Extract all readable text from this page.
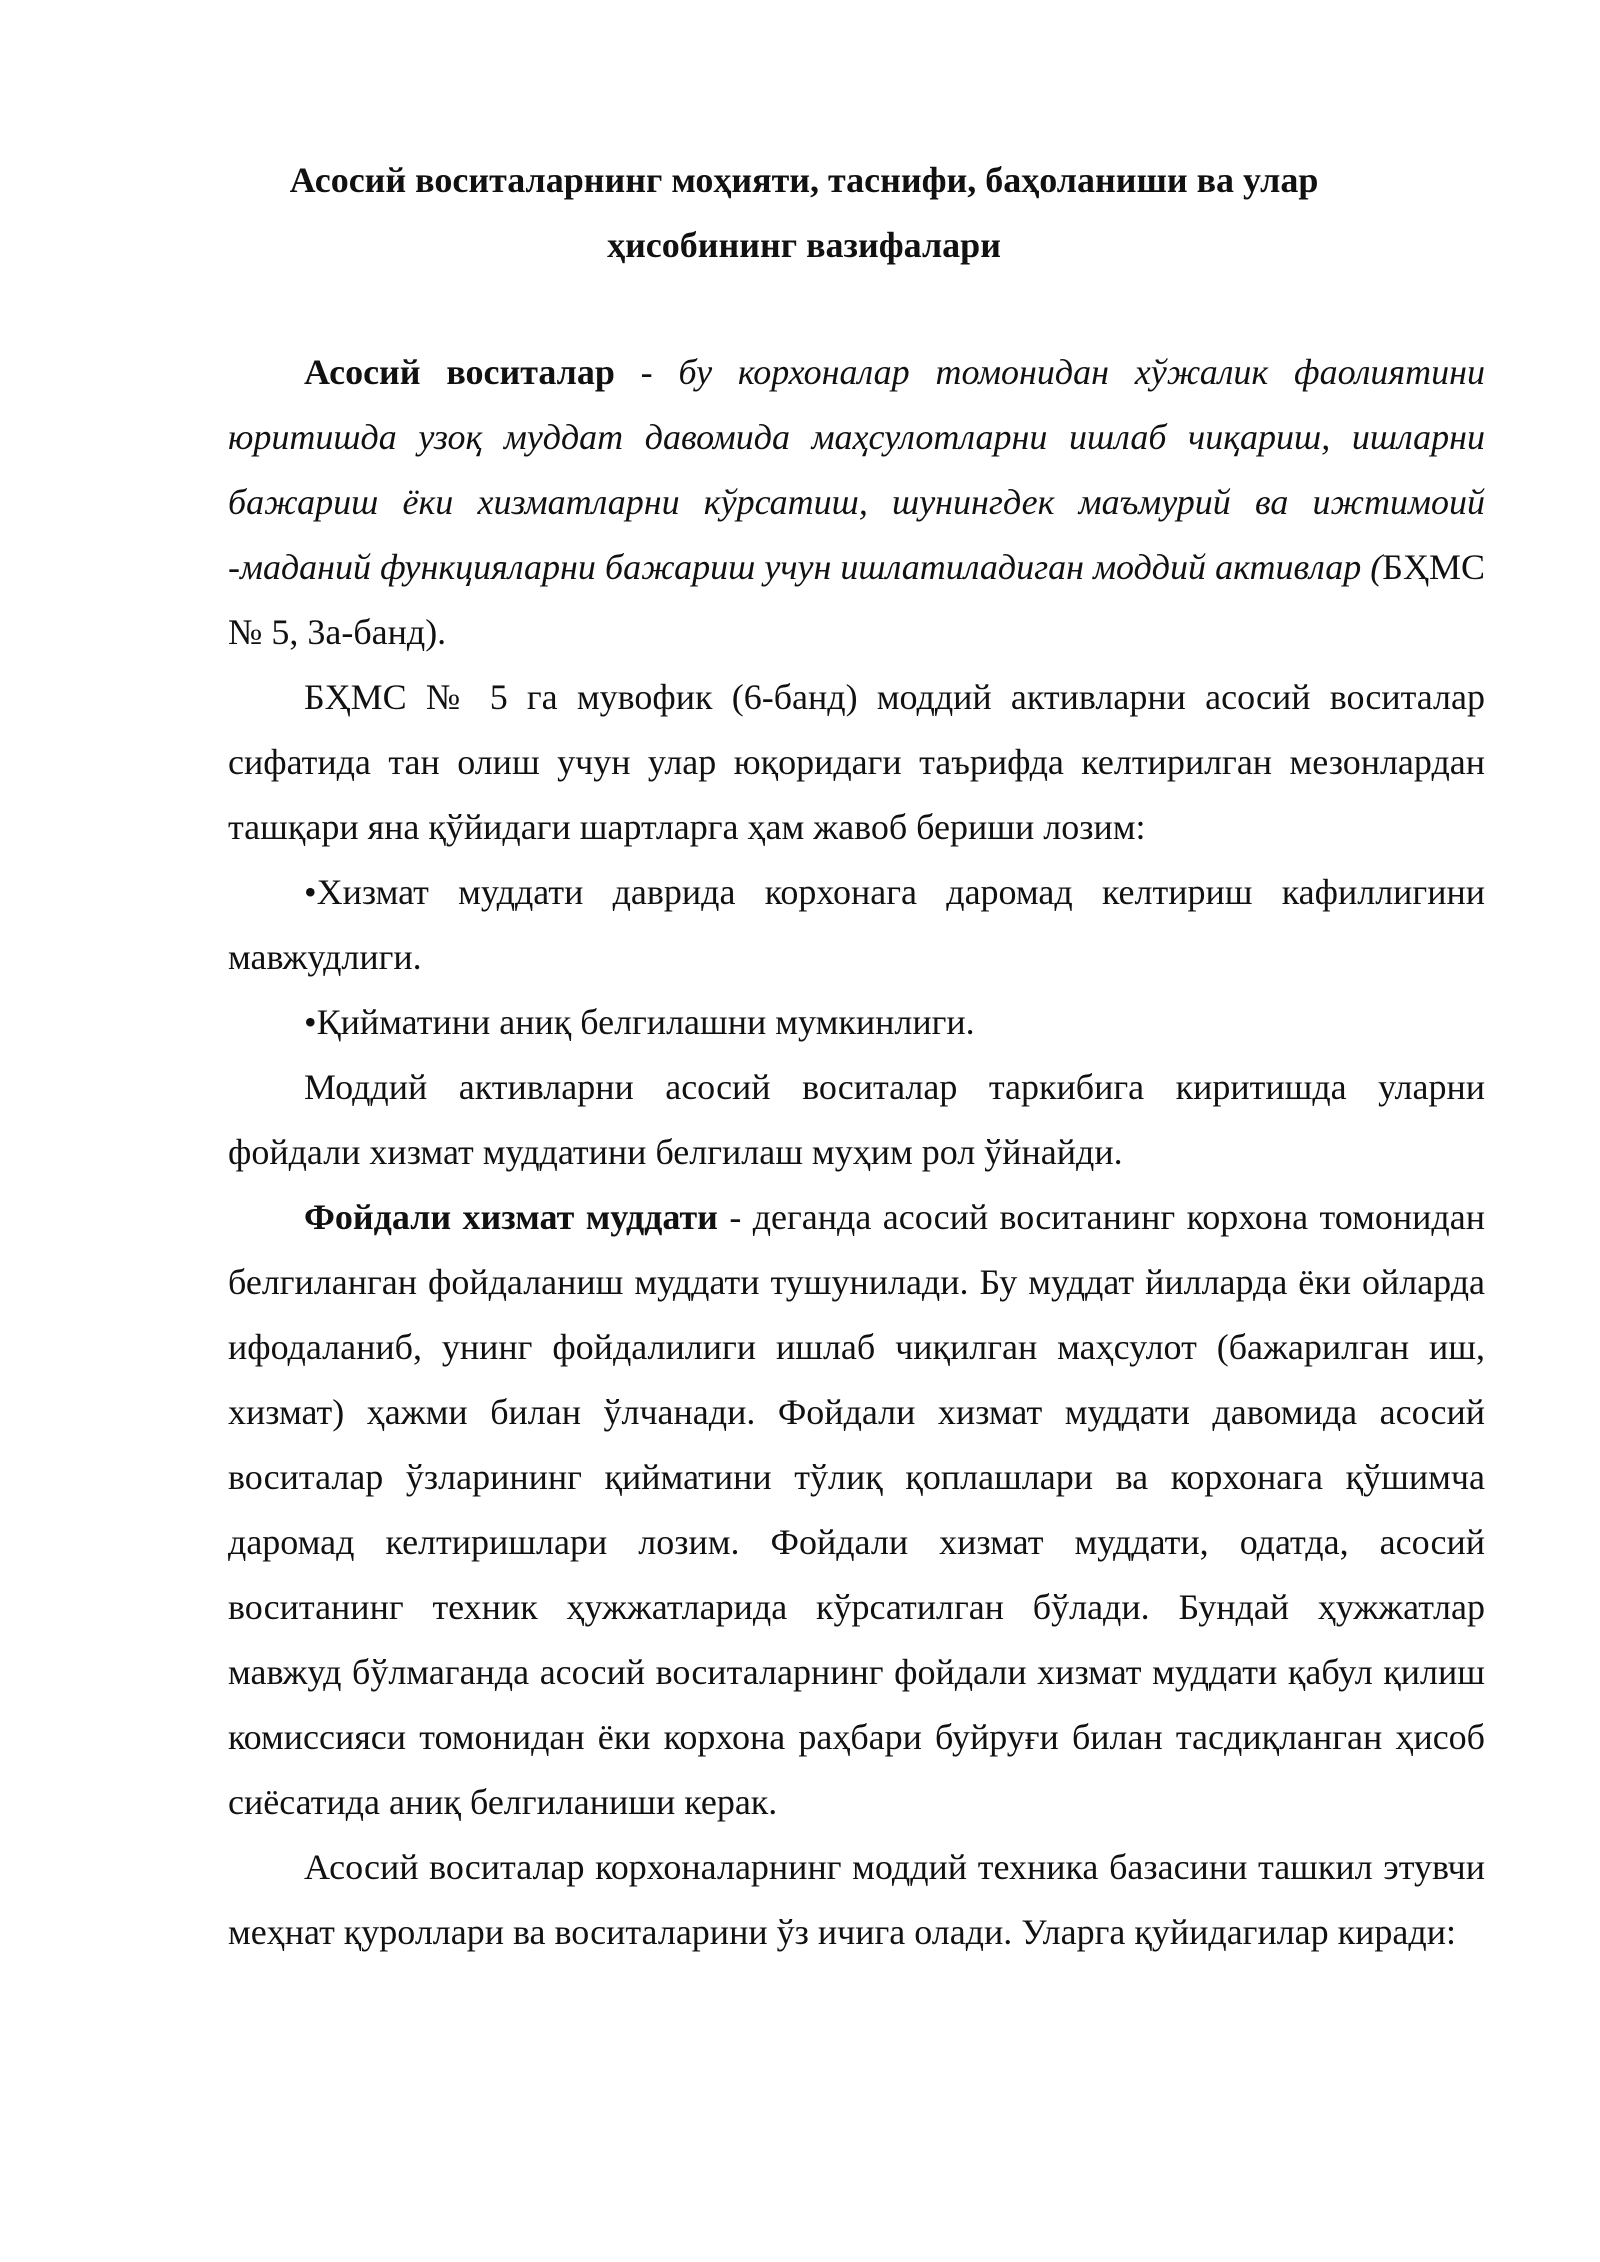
Асосий воситаларнинг моҳияти, таснифи, баҳоланиши ва улар
ҳисобининг вазифалари

Асосий воситалар - бу корхоналар томонидан хўжалик фаолиятини юритишда узоқ муддат давомида маҳсулотларни ишлаб чиқариш, ишларни бажариш ёки хизматларни кўрсатиш, шунингдек маъмурий ва ижтимоий -маданий функцияларни бажариш учун ишлатиладиган моддий активлар (БҲМС № 5, 3а-банд).

БҲМС № 5 га мувофик (6-банд) моддий активларни асосий воситалар сифатида тан олиш учун улар юқоридаги таърифда келтирилган мезонлардан ташқари яна қўйидаги шартларга ҳам жавоб бериши лозим:

•Хизмат муддати даврида корхонага даромад келтириш кафиллигини мавжудлиги.

•Қийматини аниқ белгилашни мумкинлиги.

Моддий активларни асосий воситалар таркибига киритишда уларни фойдали хизмат муддатини белгилаш муҳим рол ўйнайди.

Фойдали хизмат муддати - деганда асосий воситанинг корхона томонидан белгиланган фойдаланиш муддати тушунилади. Бу муддат йилларда ёки ойларда ифодаланиб, унинг фойдалилиги ишлаб чиқилган маҳсулот (бажарилган иш, хизмат) ҳажми билан ўлчанади. Фойдали хизмат муддати давомида асосий воситалар ўзларининг қийматини тўлиқ қоплашлари ва корхонага қўшимча даромад келтиришлари лозим. Фойдали хизмат муддати, одатда, асосий воситанинг техник ҳужжатларида кўрсатилган бўлади. Бундай ҳужжатлар мавжуд бўлмаганда асосий воситаларнинг фойдали хизмат муддати қабул қилиш комиссияси томонидан ёки корхона раҳбари буйруғи билан тасдиқланган ҳисоб сиёсатида аниқ белгиланиши керак.

Асосий воситалар корхоналарнинг моддий техника базасини ташкил этувчи меҳнат қуроллари ва воситаларини ўз ичига олади. Уларга қуйидагилар киради:
